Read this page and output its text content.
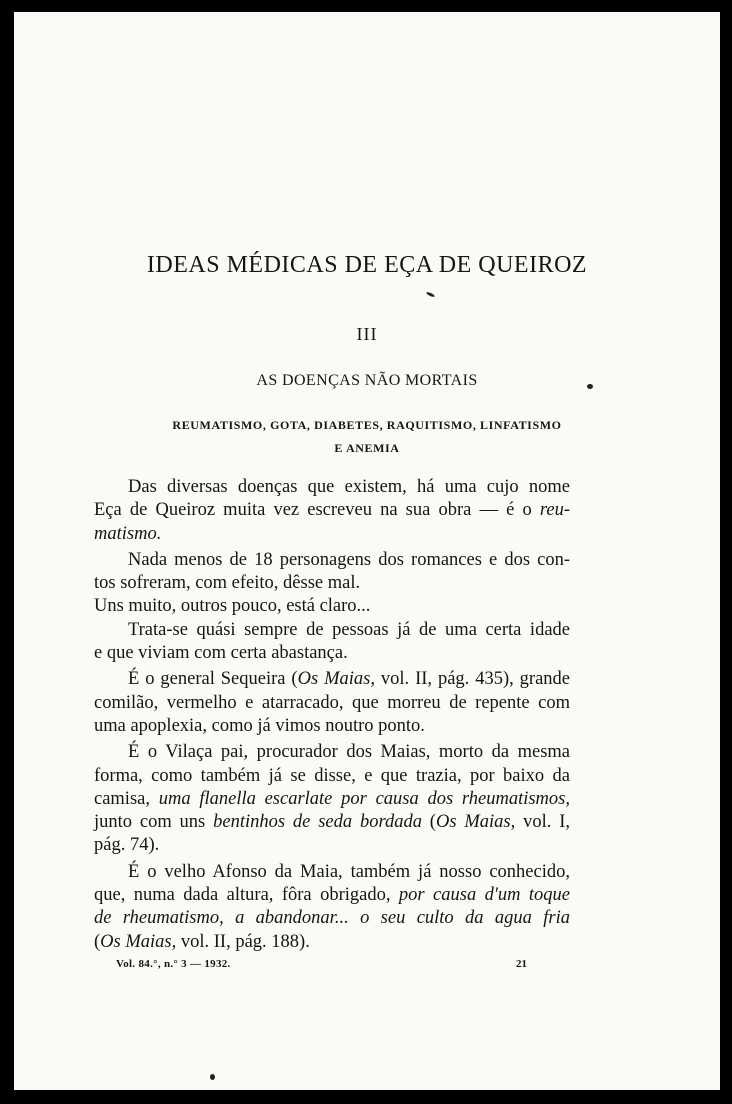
IDEAS MÉDICAS DE EÇA DE QUEIROZ
III
AS DOENÇAS NÃO MORTAIS
REUMATISMO, GOTA, DIABETES, RAQUITISMO, LINFATISMO
E ANEMIA
Das diversas doenças que existem, há uma cujo nome
Eça de Queiroz muita vez escreveu na sua obra — é o reu-
matismo.
Nada menos de 18 personagens dos romances e dos con-
tos sofreram, com efeito, dêsse mal.
Uns muito, outros pouco, está claro...
Trata-se quási sempre de pessoas já de uma certa idade
e que viviam com certa abastança.
É o general Sequeira (Os Maias, vol. II, pág. 435), grande
comilão, vermelho e atarracado, que morreu de repente com
uma apoplexia, como já vimos noutro ponto.
É o Vilaça pai, procurador dos Maias, morto da mesma
forma, como também já se disse, e que trazia, por baixo da
camisa, uma flanella escarlate por causa dos rheumatismos,
junto com uns bentinhos de seda bordada (Os Maias, vol. I,
pág. 74).
É o velho Afonso da Maia, também já nosso conhecido,
que, numa dada altura, fôra obrigado, por causa d'um toque
de rheumatismo, a abandonar... o seu culto da agua fria
(Os Maias, vol. II, pág. 188).
Vol. 84.°, n.° 3 — 1932.	21
